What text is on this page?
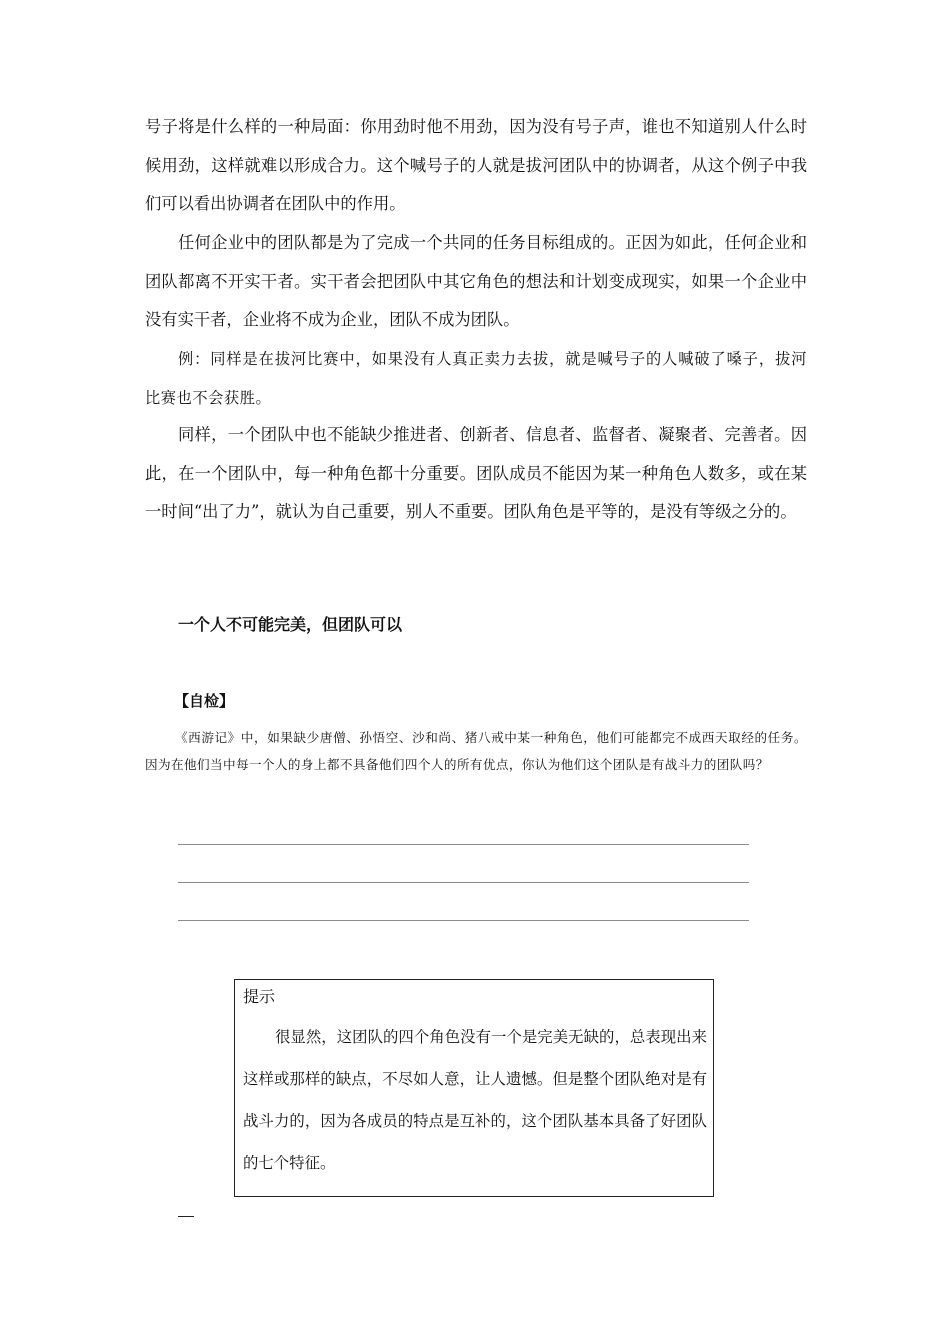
号子将是什么样的一种局面：你用劲时他不用劲，因为没有号子声，谁也不知道别人什么时候用劲，这样就难以形成合力。这个喊号子的人就是拔河团队中的协调者，从这个例子中我们可以看出协调者在团队中的作用。

任何企业中的团队都是为了完成一个共同的任务目标组成的。正因为如此，任何企业和团队都离不开实干者。实干者会把团队中其它角色的想法和计划变成现实，如果一个企业中没有实干者，企业将不成为企业，团队不成为团队。

例：同样是在拔河比赛中，如果没有人真正卖力去拔，就是喊号子的人喊破了嗓子，拔河比赛也不会获胜。

同样，一个团队中也不能缺少推进者、创新者、信息者、监督者、凝聚者、完善者。因此，在一个团队中，每一种角色都十分重要。团队成员不能因为某一种角色人数多，或在某一时间“出了力”，就认为自己重要，别人不重要。团队角色是平等的，是没有等级之分的。

一个人不可能完美，但团队可以
【自检】

《西游记》中，如果缺少唐僧、孙悟空、沙和尚、猪八戒中某一种角色，他们可能都完不成西天取经的任务。因为在他们当中每一个人的身上都不具备他们四个人的所有优点，你认为他们这个团队是有战斗力的团队吗？

提示

很显然，这团队的四个角色没有一个是完美无缺的，总表现出来这样或那样的缺点，不尽如人意，让人遗憾。但是整个团队绝对是有战斗力的，因为各成员的特点是互补的，这个团队基本具备了好团队的七个特征。
